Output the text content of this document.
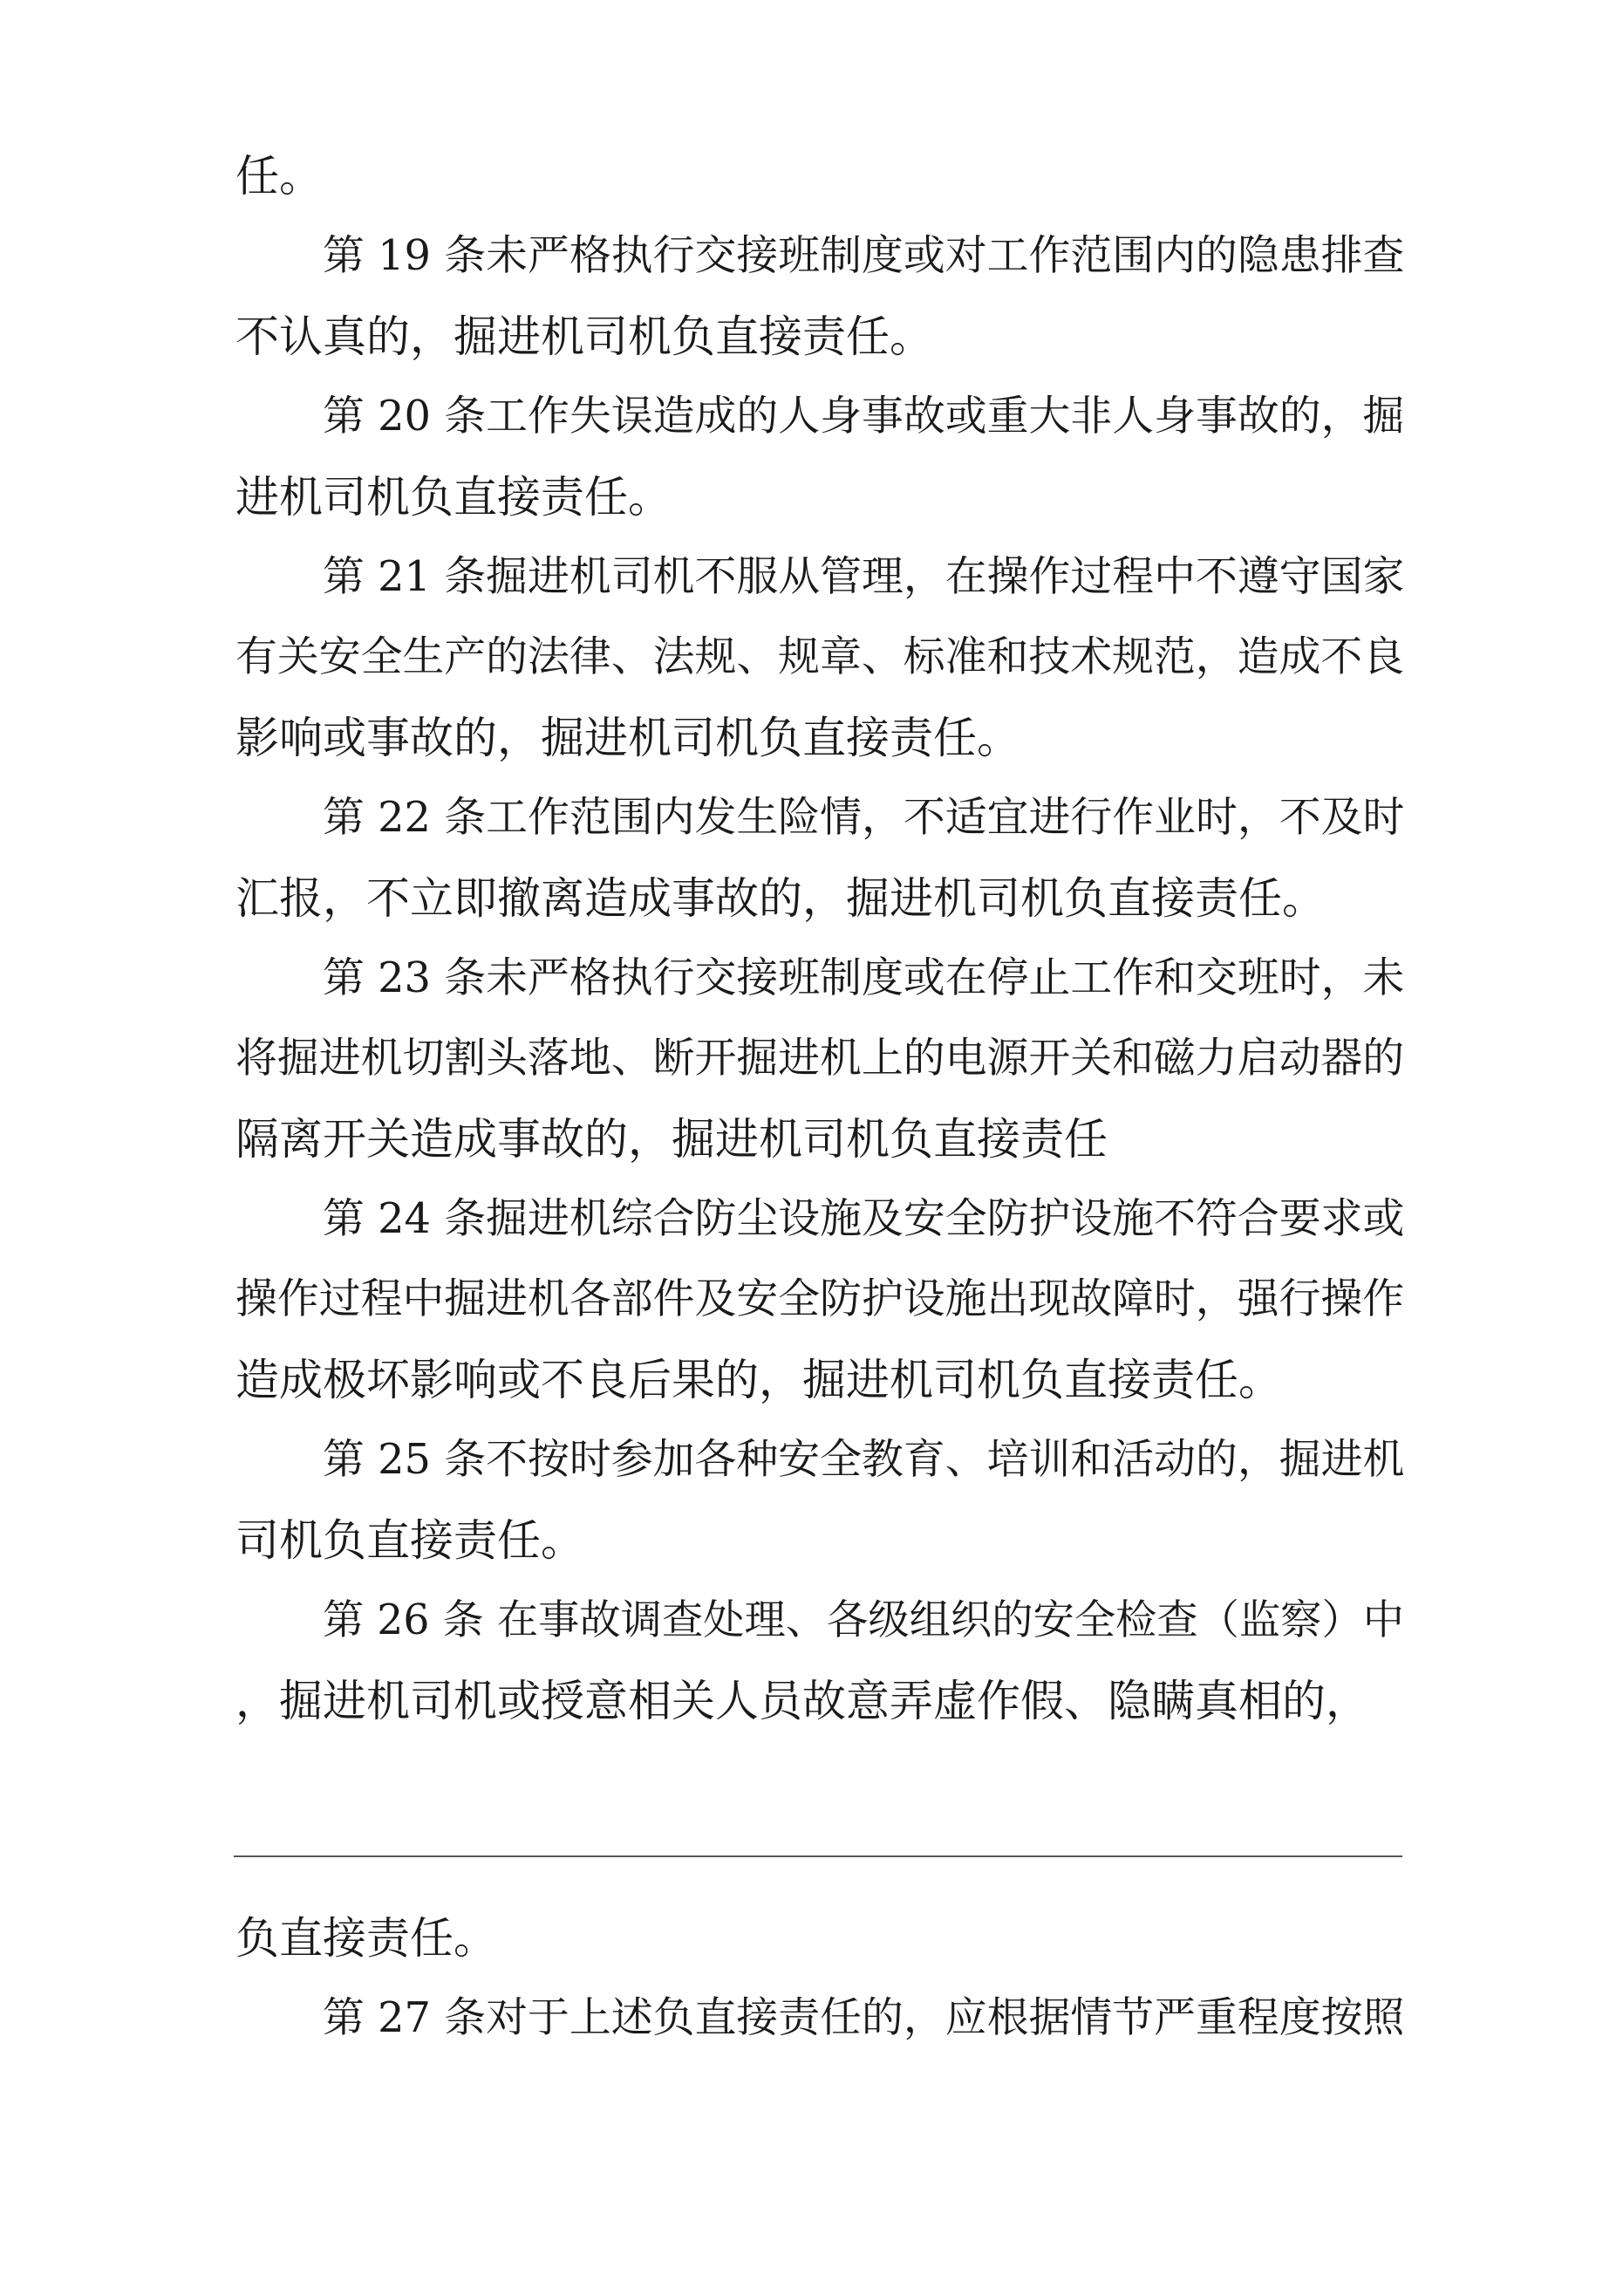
任。
第 19 条未严格执行交接班制度或对工作范围内的隐患排查
不认真的，掘进机司机负直接责任。
第 20 条工作失误造成的人身事故或重大非人身事故的，掘
进机司机负直接责任。
第 21 条掘进机司机不服从管理，在操作过程中不遵守国家
有关安全生产的法律、法规、规章、标准和技术规范，造成不良
影响或事故的，掘进机司机负直接责任。
第 22 条工作范围内发生险情，不适宜进行作业时，不及时
汇报，不立即撤离造成事故的，掘进机司机负直接责任。
第 23 条未严格执行交接班制度或在停止工作和交班时，未
将掘进机切割头落地、断开掘进机上的电源开关和磁力启动器的
隔离开关造成事故的，掘进机司机负直接责任
第 24 条掘进机综合防尘设施及安全防护设施不符合要求或
操作过程中掘进机各部件及安全防护设施出现故障时，强行操作
造成极坏影响或不良后果的，掘进机司机负直接责任。
第 25 条不按时参加各种安全教育、培训和活动的，掘进机
司机负直接责任。
第 26 条 在事故调查处理、各级组织的安全检查（监察）中
，掘进机司机或授意相关人员故意弄虚作假、隐瞒真相的，
负直接责任。
第 27 条对于上述负直接责任的，应根据情节严重程度按照
